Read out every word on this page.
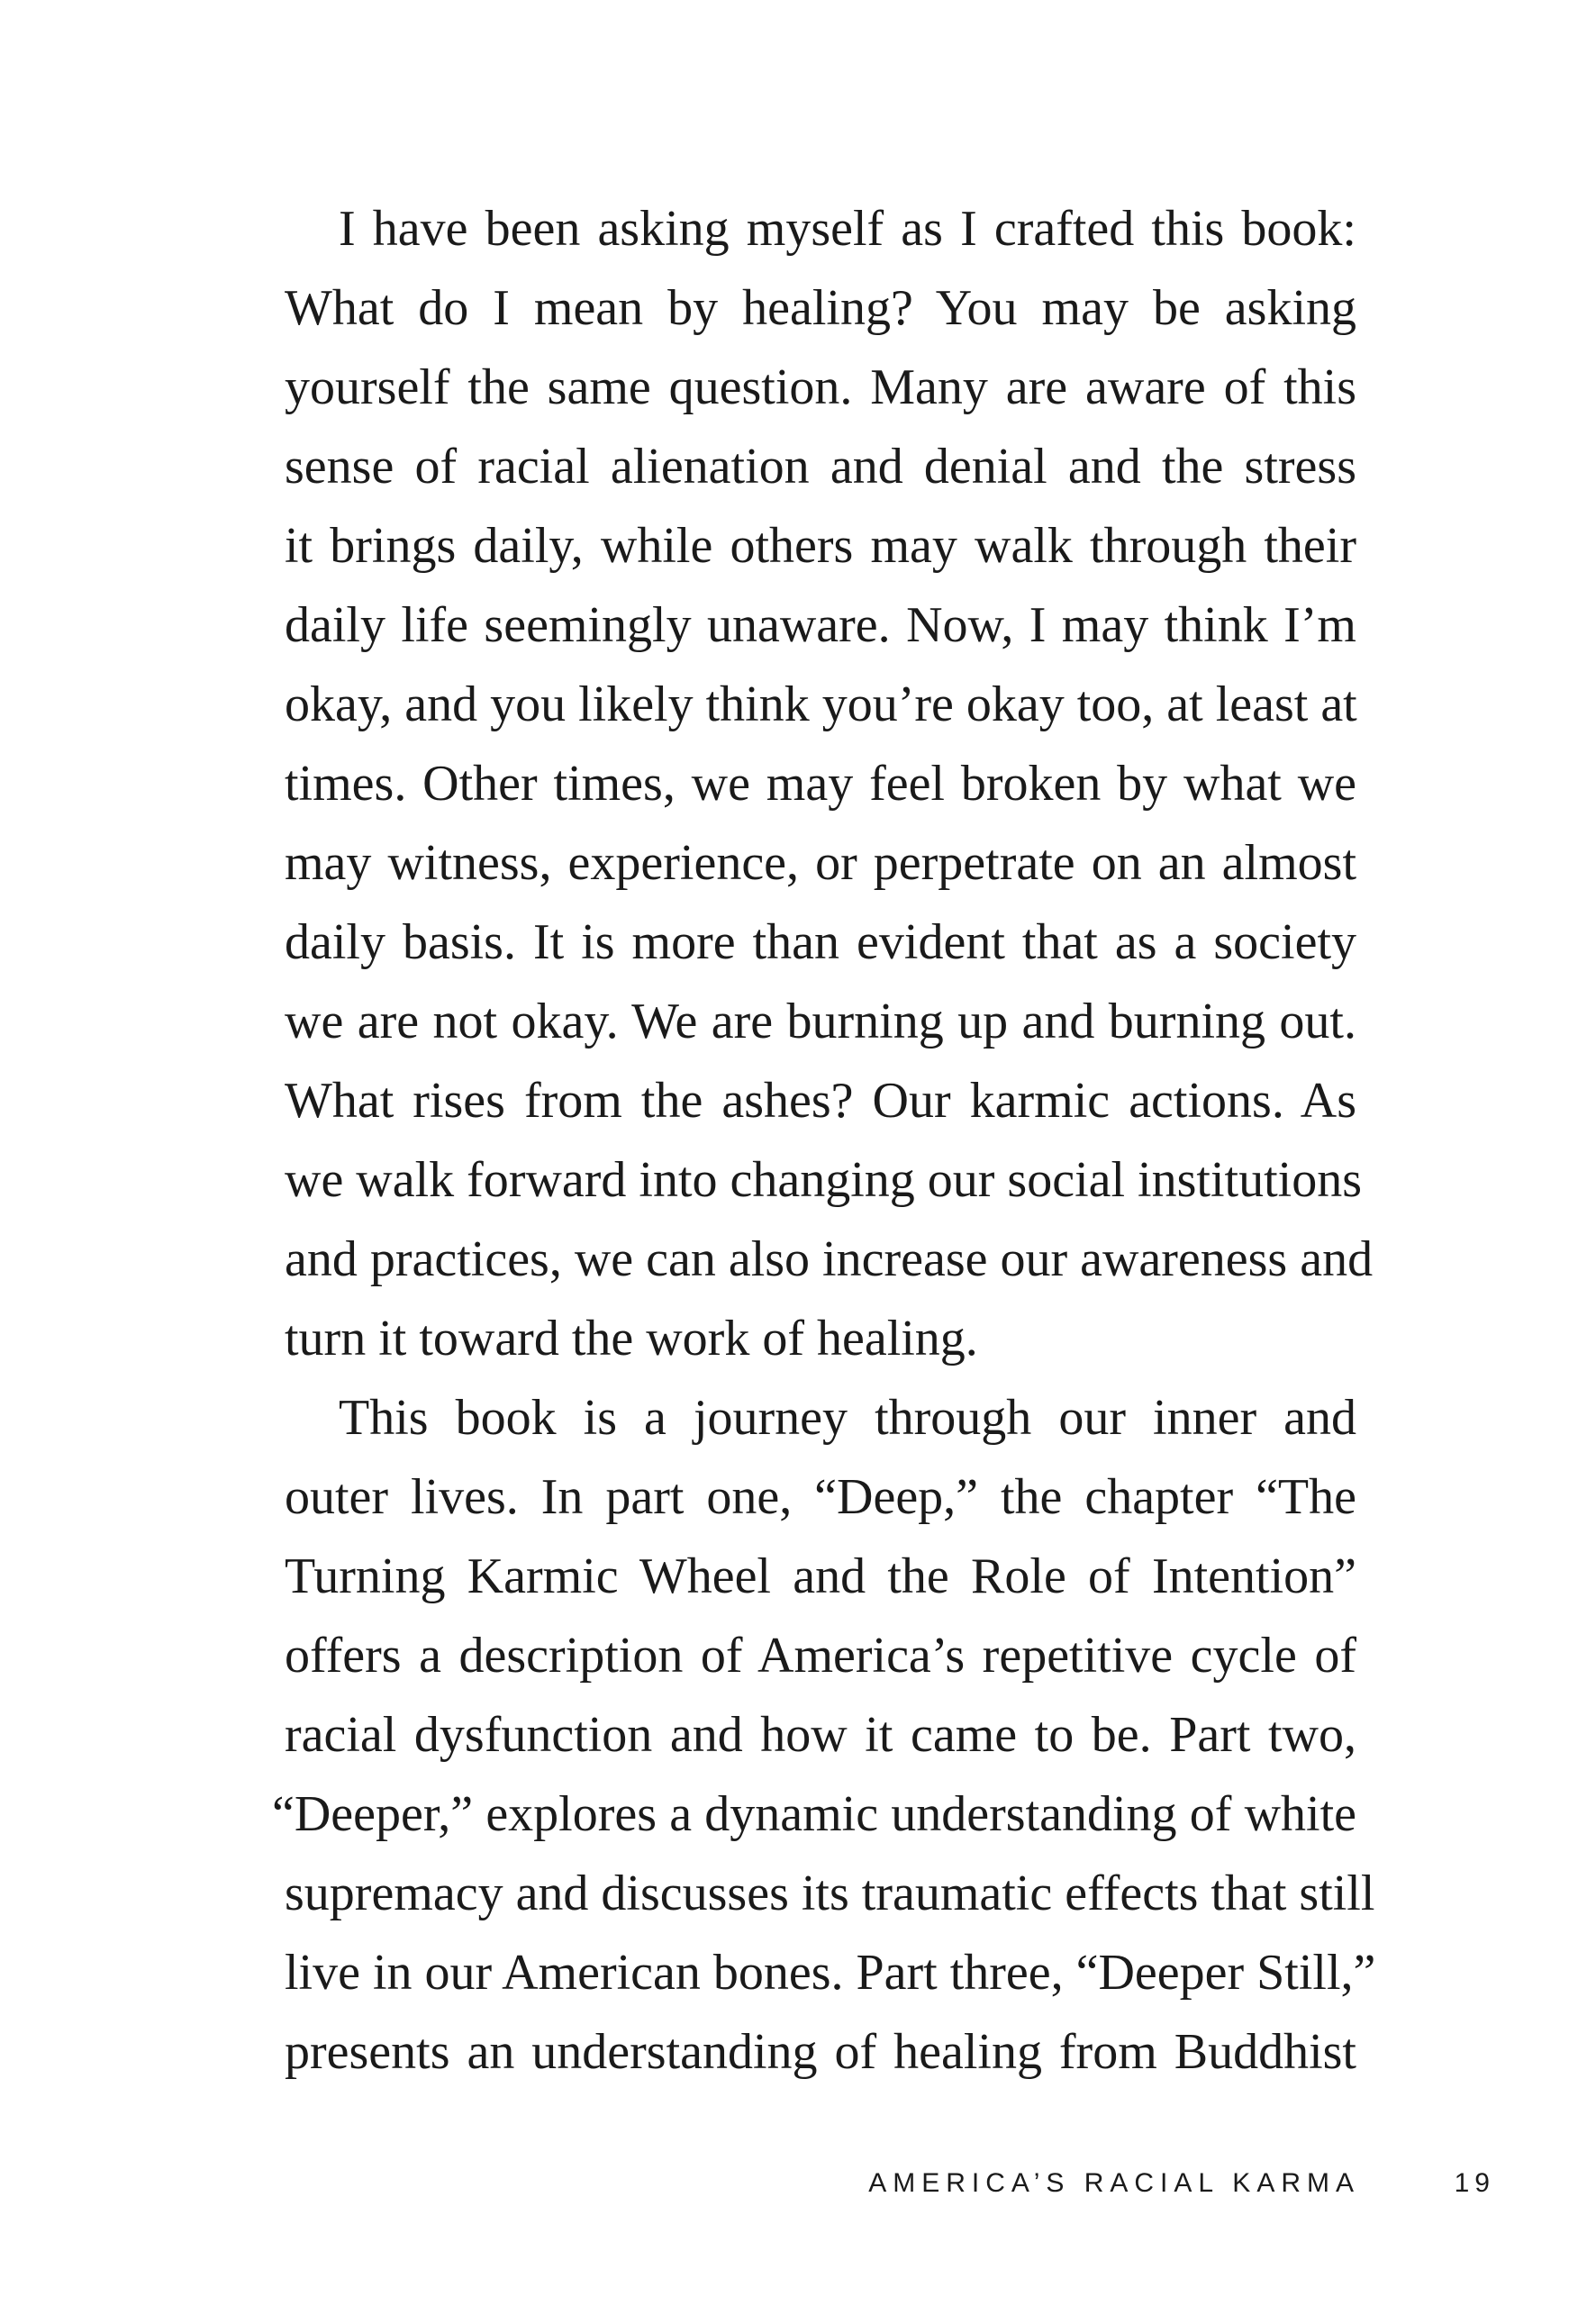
I have been asking myself as I crafted this book:
What do I mean by healing? You may be asking
yourself the same question. Many are aware of this
sense of racial alienation and denial and the stress
it brings daily, while others may walk through their
daily life seemingly unaware. Now, I may think I’m
okay, and you likely think you’re okay too, at least at
times. Other times, we may feel broken by what we
may witness, experience, or perpetrate on an almost
daily basis. It is more than evident that as a society
we are not okay. We are burning up and burning out.
What rises from the ashes? Our karmic actions. As
we walk forward into changing our social institutions
and practices, we can also increase our awareness and
turn it toward the work of healing.
This book is a journey through our inner and
outer lives. In part one, “Deep,” the chapter “The
Turning Karmic Wheel and the Role of Intention”
offers a description of America’s repetitive cycle of
racial dysfunction and how it came to be. Part two,
“Deeper,” explores a dynamic understanding of white
supremacy and discusses its traumatic effects that still
live in our American bones. Part three, “Deeper Still,”
presents an understanding of healing from Buddhist
AMERICA’S RACIAL KARMA	19
